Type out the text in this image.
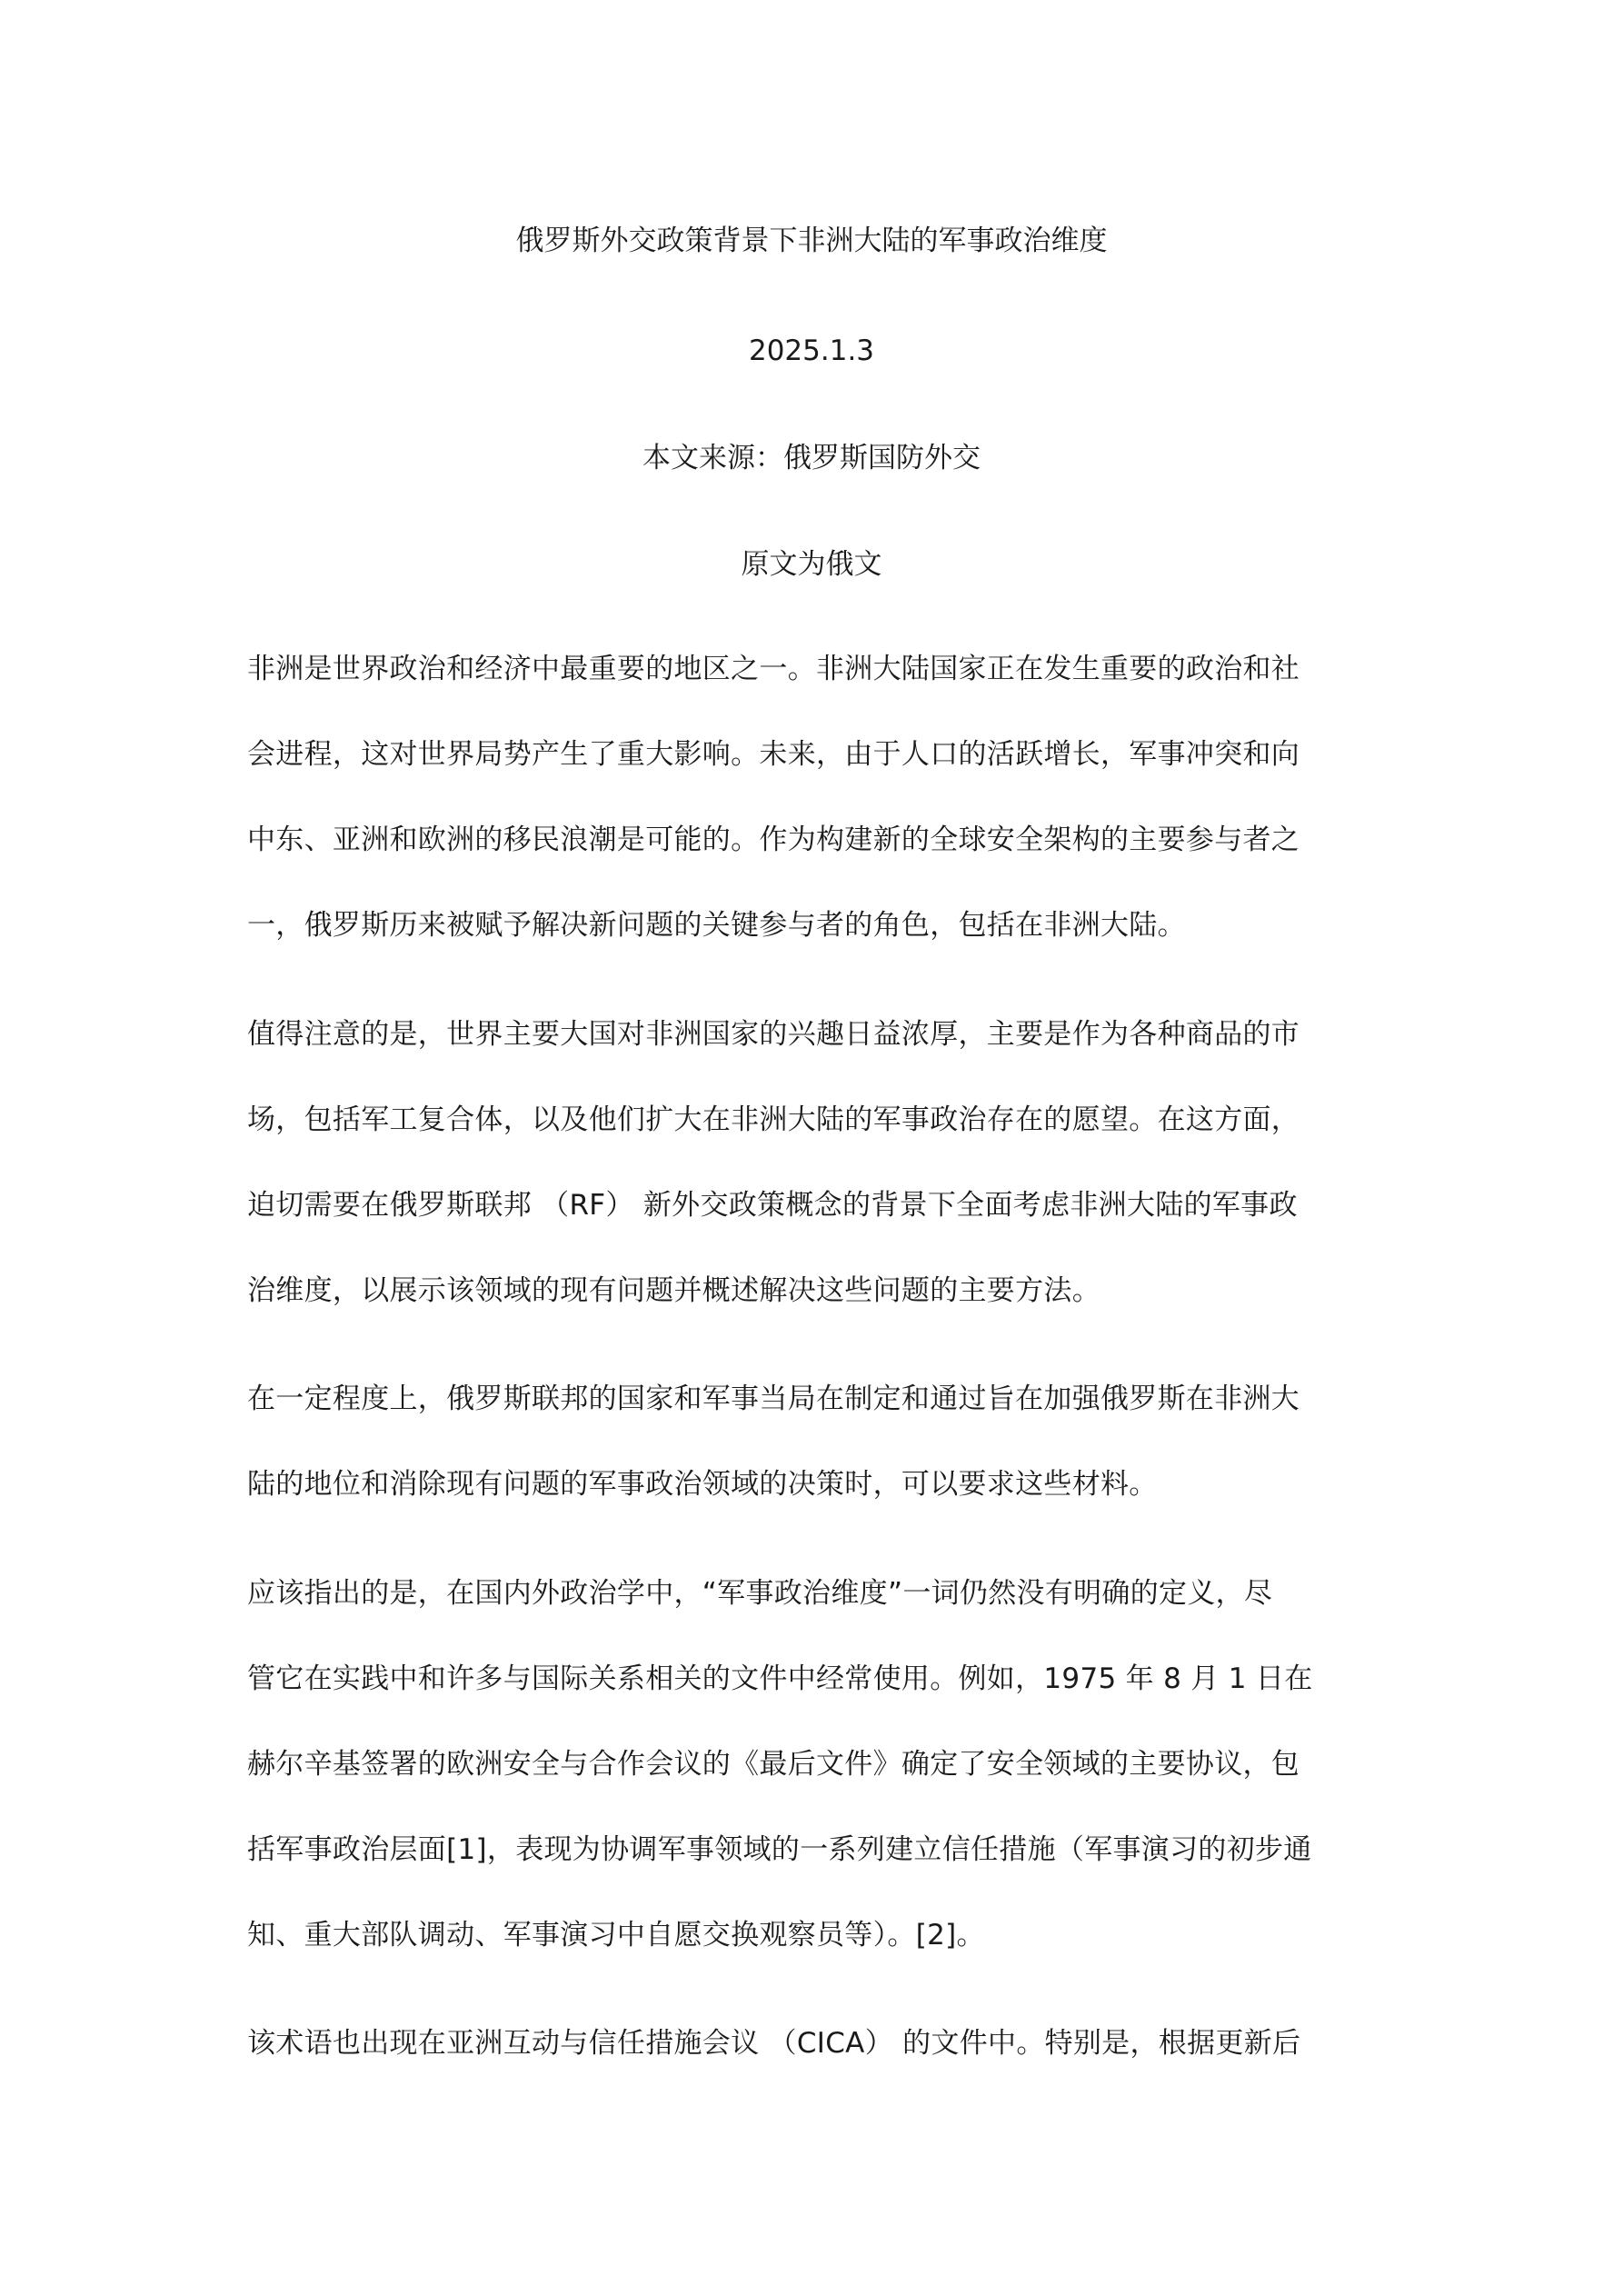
俄罗斯外交政策背景下非洲大陆的军事政治维度
2025.1.3
本文来源：俄罗斯国防外交
原文为俄文
非洲是世界政治和经济中最重要的地区之一。非洲大陆国家正在发生重要的政治和社
会进程，这对世界局势产生了重大影响。未来，由于人口的活跃增长，军事冲突和向
中东、亚洲和欧洲的移民浪潮是可能的。作为构建新的全球安全架构的主要参与者之
一，俄罗斯历来被赋予解决新问题的关键参与者的角色，包括在非洲大陆。
值得注意的是，世界主要大国对非洲国家的兴趣日益浓厚，主要是作为各种商品的市
场，包括军工复合体，以及他们扩大在非洲大陆的军事政治存在的愿望。在这方面，
迫切需要在俄罗斯联邦 （RF） 新外交政策概念的背景下全面考虑非洲大陆的军事政
治维度，以展示该领域的现有问题并概述解决这些问题的主要方法。
在一定程度上，俄罗斯联邦的国家和军事当局在制定和通过旨在加强俄罗斯在非洲大
陆的地位和消除现有问题的军事政治领域的决策时，可以要求这些材料。
应该指出的是，在国内外政治学中，“军事政治维度”一词仍然没有明确的定义，尽
管它在实践中和许多与国际关系相关的文件中经常使用。例如，1975 年 8 月 1 日在
赫尔辛基签署的欧洲安全与合作会议的《最后文件》确定了安全领域的主要协议，包
括军事政治层面[1]，表现为协调军事领域的一系列建立信任措施（军事演习的初步通
知、重大部队调动、军事演习中自愿交换观察员等）。[2]。
该术语也出现在亚洲互动与信任措施会议 （CICA） 的文件中。特别是，根据更新后
